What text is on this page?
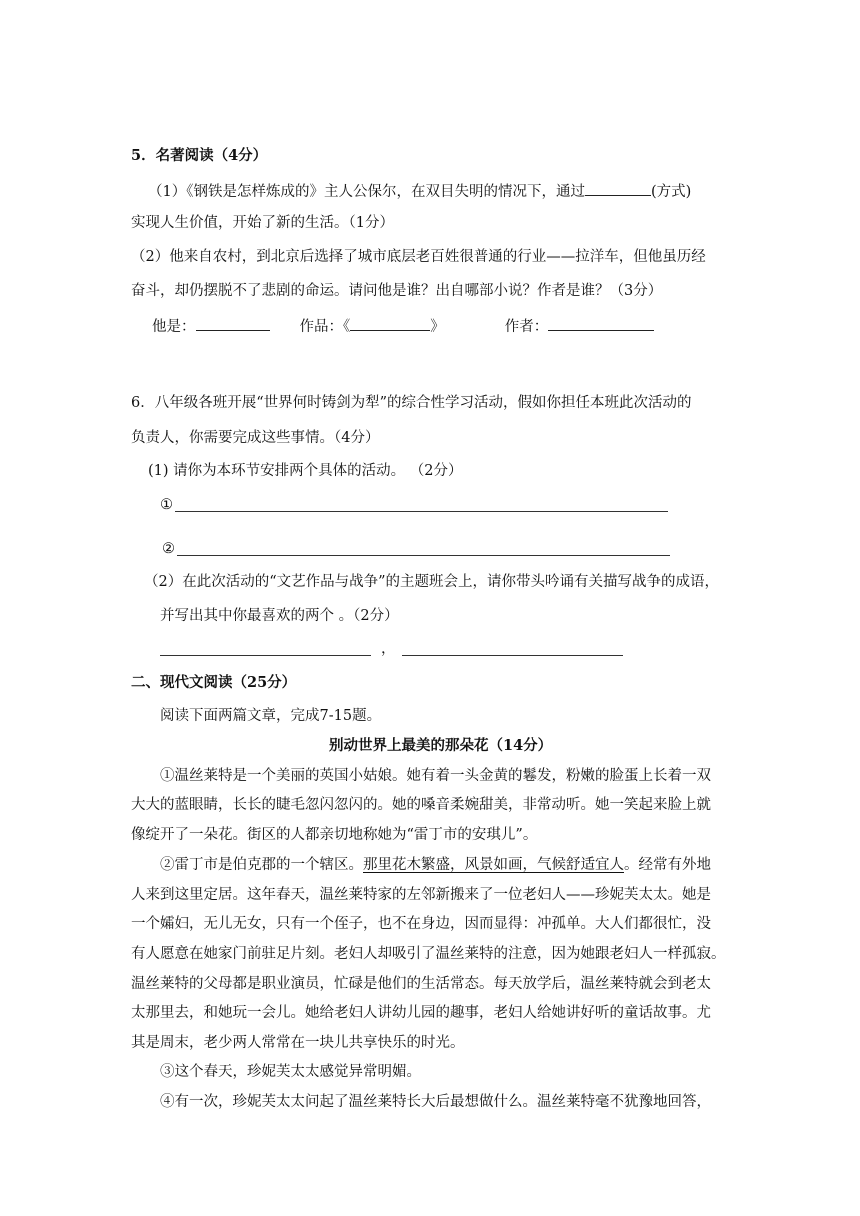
5．名著阅读（4分）
（1）《钢铁是怎样炼成的》主人公保尔，在双目失明的情况下，通过	(方式)
实现人生价值，开始了新的生活。（1分）
（2）他来自农村，到北京后选择了城市底层老百姓很普通的行业——拉洋车，但他虽历经
奋斗，却仍摆脱不了悲剧的命运。请问他是谁？出自哪部小说？作者是谁？（3分）
他是：	作品：《	》	作者：
6．八年级各班开展“世界何时铸剑为犁”的综合性学习活动，假如你担任本班此次活动的
负责人，你需要完成这些事情。（4分）
(1) 请你为本环节安排两个具体的活动。 （2分）
①
②
（2）在此次活动的“文艺作品与战争”的主题班会上，请你带头吟诵有关描写战争的成语，
并写出其中你最喜欢的两个 。（2分）
，
二、现代文阅读（25分）
阅读下面两篇文章，完成7-15题。
别动世界上最美的那朵花（14分）
①温丝莱特是一个美丽的英国小姑娘。她有着一头金黄的鬈发，粉嫩的脸蛋上长着一双
大大的蓝眼睛，长长的睫毛忽闪忽闪的。她的嗓音柔婉甜美，非常动听。她一笑起来脸上就
像绽开了一朵花。街区的人都亲切地称她为“雷丁市的安琪儿”。
②雷丁市是伯克郡的一个辖区。那里花木繁盛，风景如画，气候舒适宜人。经常有外地
人来到这里定居。这年春天，温丝莱特家的左邻新搬来了一位老妇人——珍妮芙太太。她是
一个孀妇，无儿无女，只有一个侄子，也不在身边，因而显得：冲孤单。大人们都很忙，没
有人愿意在她家门前驻足片刻。老妇人却吸引了温丝莱特的注意，因为她跟老妇人一样孤寂。
温丝莱特的父母都是职业演员，忙碌是他们的生活常态。每天放学后，温丝莱特就会到老太
太那里去，和她玩一会儿。她给老妇人讲幼儿园的趣事，老妇人给她讲好听的童话故事。尤
其是周末，老少两人常常在一块儿共享快乐的时光。
③这个春天，珍妮芙太太感觉异常明媚。
④有一次，珍妮芙太太问起了温丝莱特长大后最想做什么。温丝莱特毫不犹豫地回答，
